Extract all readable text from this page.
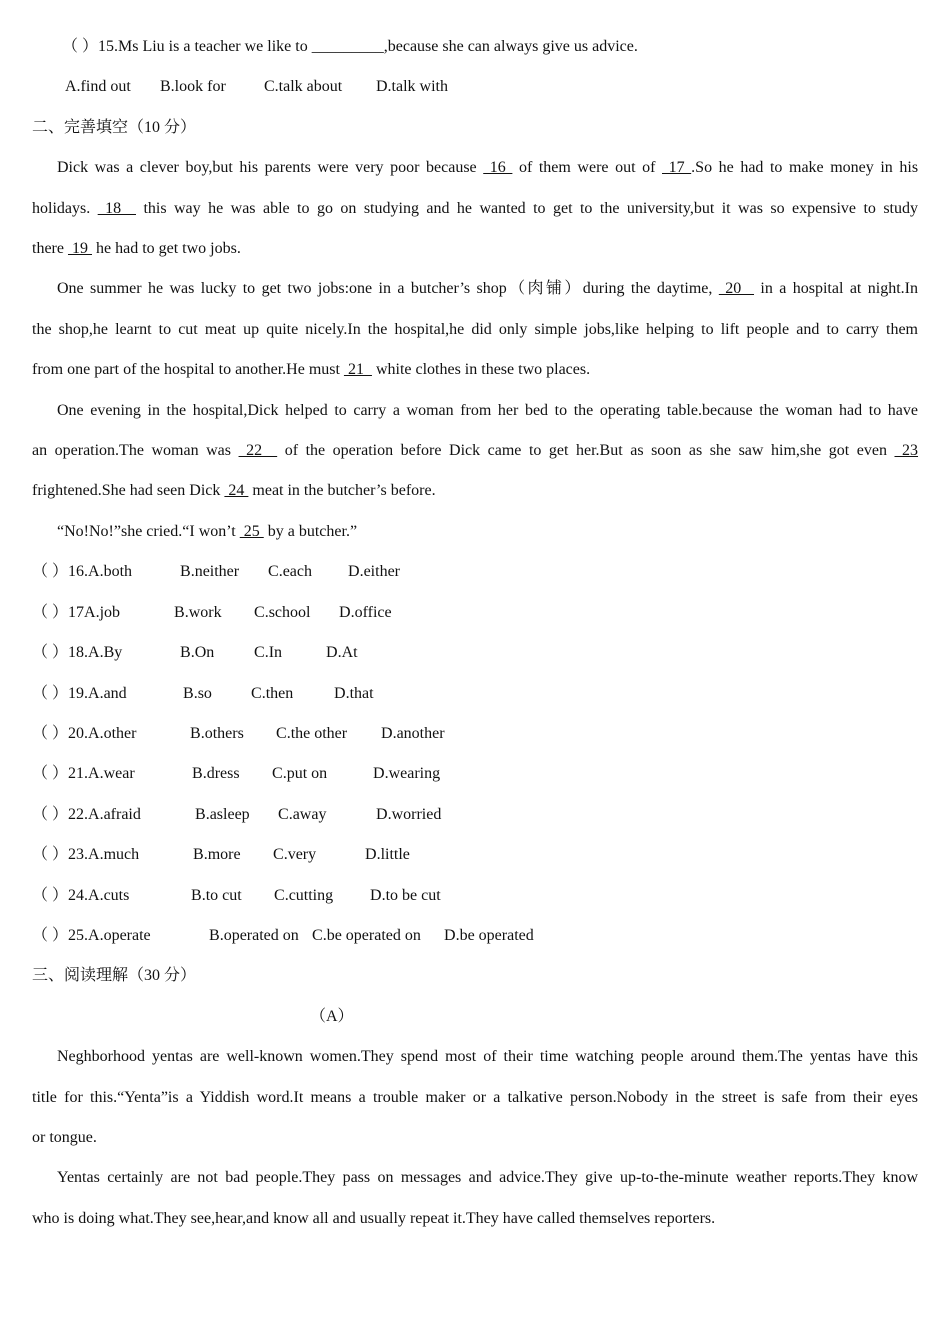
（ ）15.Ms Liu is a teacher we like to _________,because she can always give us advice.
A.find out B.look for C.talk about D.talk with
二、完善填空（10 分）
Dick was a clever boy,but his parents were very poor because  16  of them were out of  17 .So he had to make money in his
holidays.  18   this way he was able to go on studying and he wanted to get to the university,but it was so expensive to study
there  19  he had to get two jobs.
One summer he was lucky to get two jobs:one in a butcher’s shop（肉铺）during the daytime,  20   in a hospital at night.In
the shop,he learnt to cut meat up quite nicely.In the hospital,he did only simple jobs,like helping to lift people and to carry them
from one part of the hospital to another.He must  21   white clothes in these two places.
One evening in the hospital,Dick helped to carry a woman from her bed to the operating table.because the woman had to have
an operation.The woman was  22   of the operation before Dick came to get her.But as soon as she saw him,she got even  23
frightened.She had seen Dick  24  meat in the butcher’s before.
“No!No!”she cried.“I won’t  25  by a butcher.”
（ ）16.A.both	B.neither C.each D.either
（ ）17A.job	B.work C.school D.office
（ ）18.A.By	B.On C.In	D.At
（ ）19.A.and	B.so C.then	D.that
（ ）20.A.other	B.others C.the other D.another
（ ）21.A.wear	B.dress C.put on	D.wearing
（ ）22.A.afraid	B.asleep C.away	D.worried
（ ）23.A.much	B.more C.very	D.little
（ ）24.A.cuts	B.to cut C.cutting D.to be cut
（ ）25.A.operate	B.operated on C.be operated on D.be operated
三、阅读理解（30 分）
（A）
Neghborhood yentas are well-known women.They spend most of their time watching people around them.The yentas have this
title for this.“Yenta”is a Yiddish word.It means a trouble maker or a talkative person.Nobody in the street is safe from their eyes
or tongue.
Yentas certainly are not bad people.They pass on messages and advice.They give up-to-the-minute weather reports.They know
who is doing what.They see,hear,and know all and usually repeat it.They have called themselves reporters.
